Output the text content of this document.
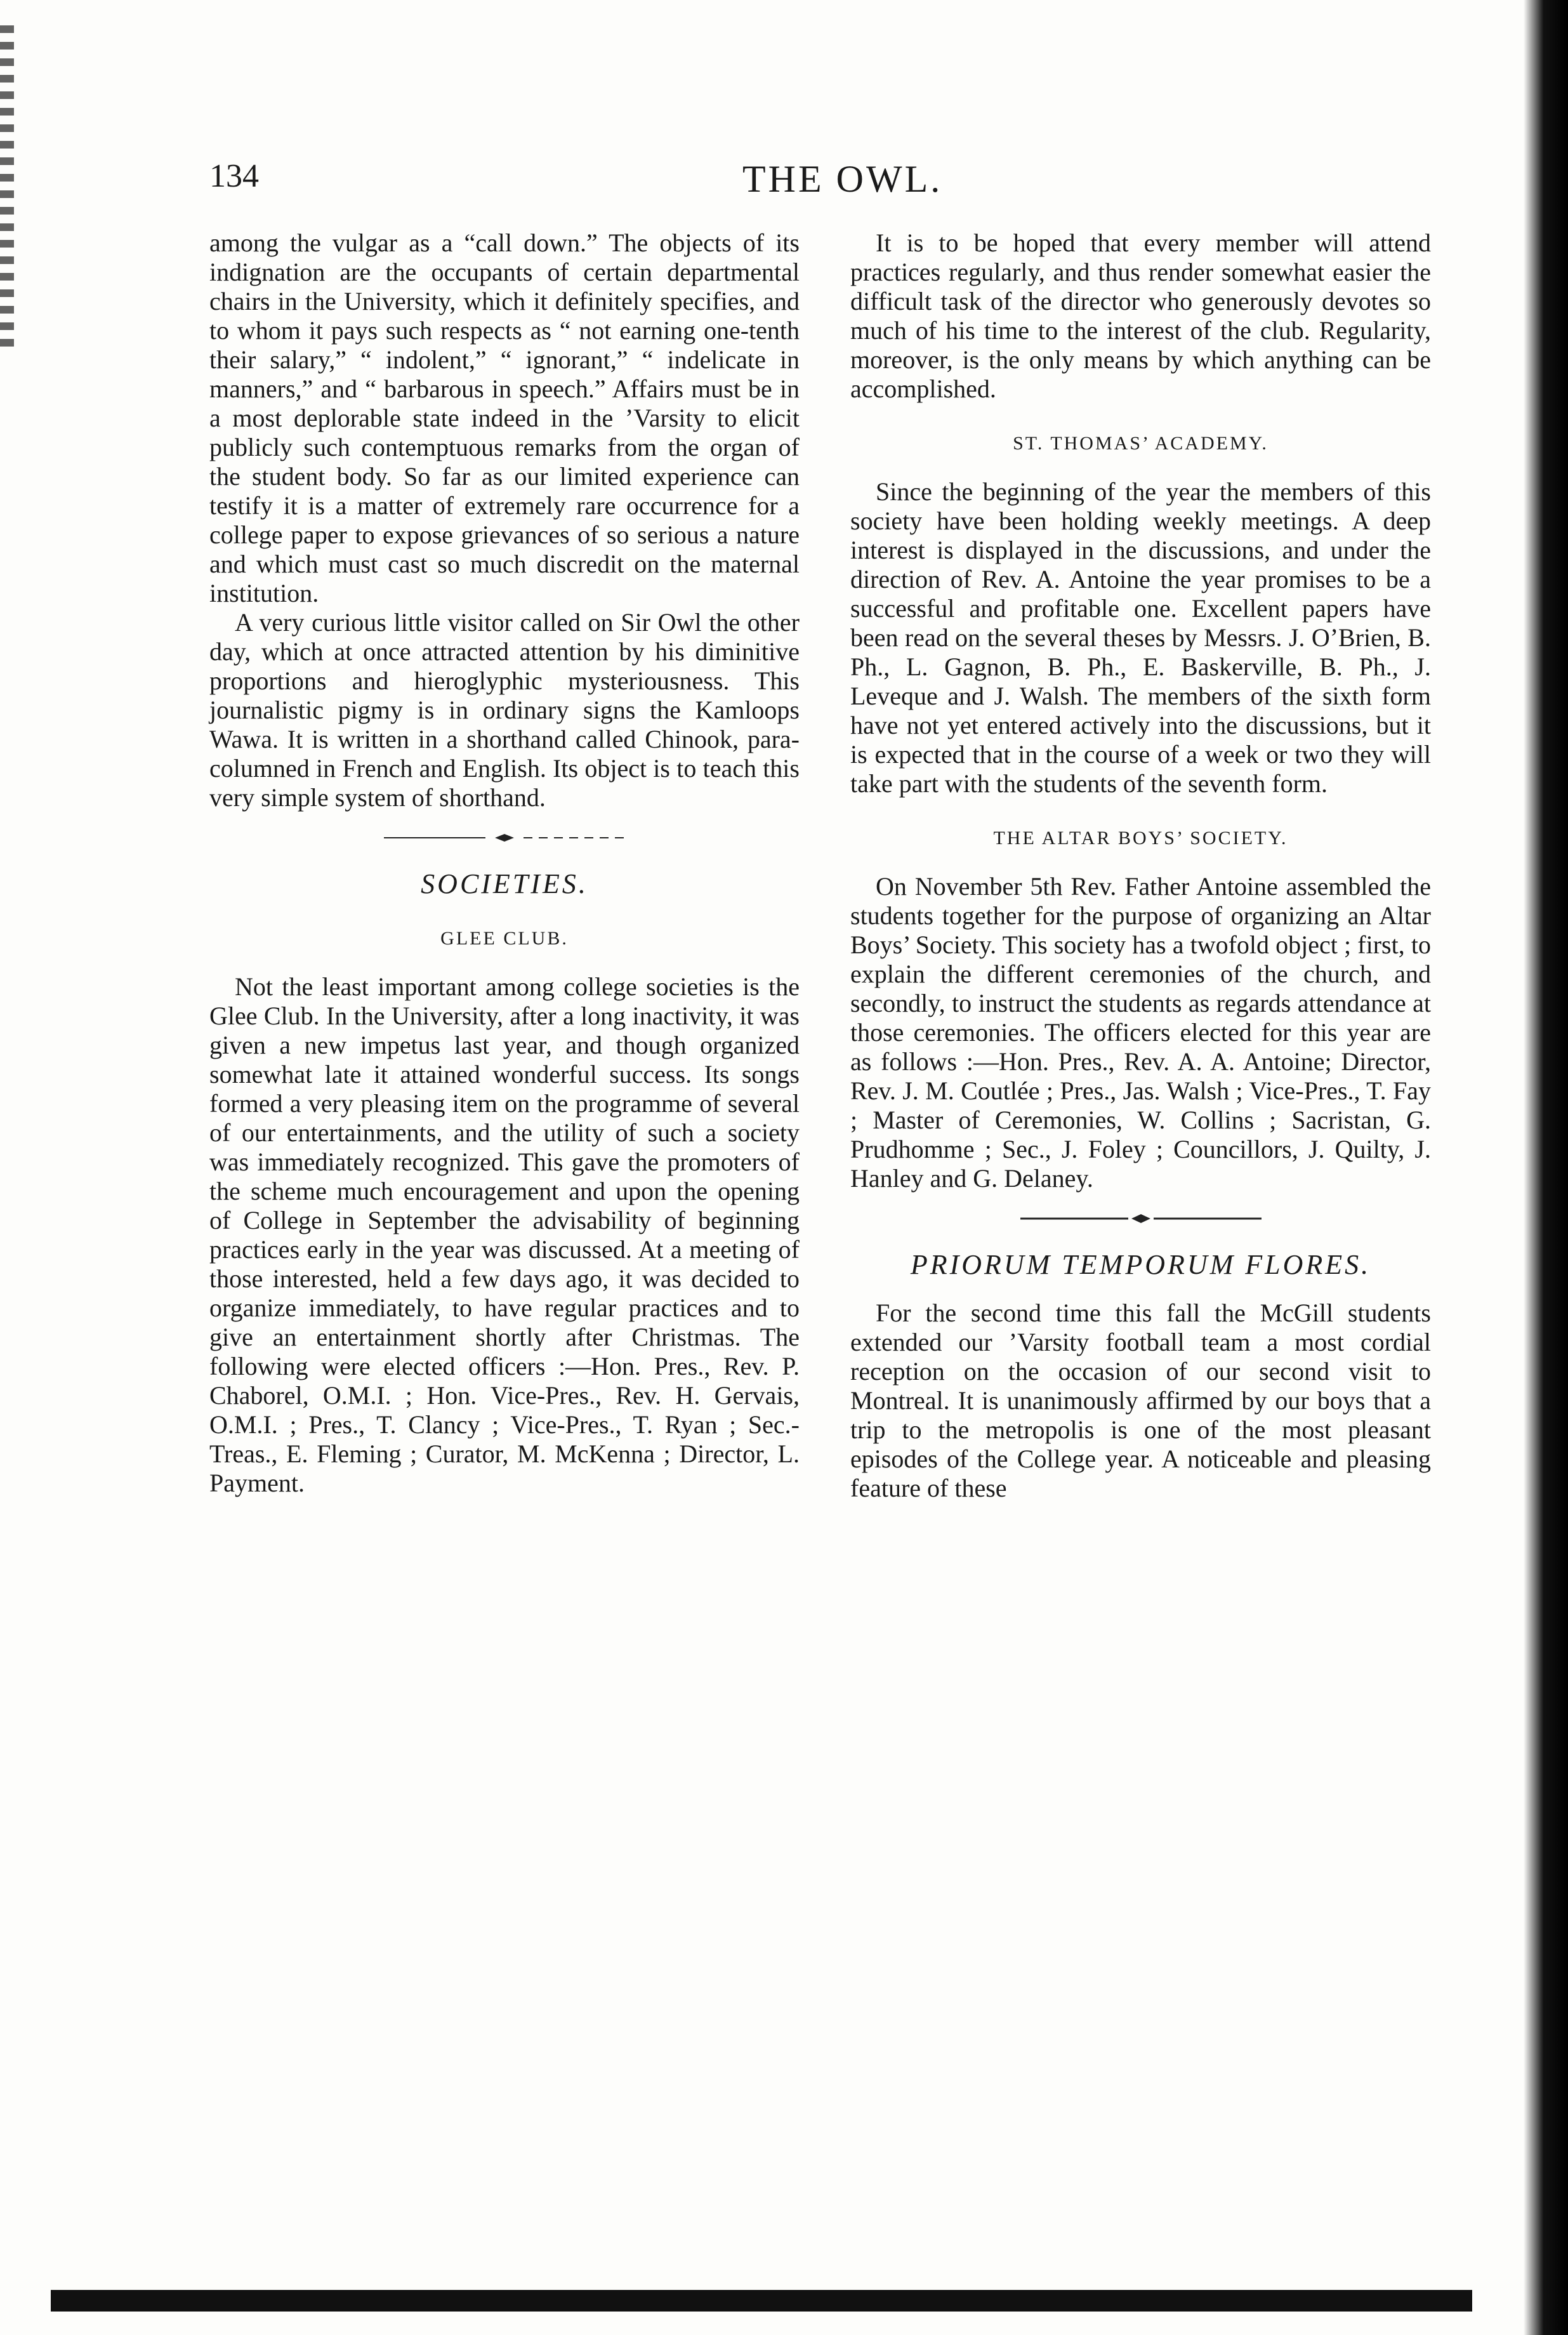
134	THE OWL.

among the vulgar as a “call down.” The objects of its indignation are the occupants of certain departmental chairs in the University, which it definitely specifies, and to whom it pays such respects as “ not earning one-tenth their salary,” “ indolent,” “ ignorant,” “ indelicate in manners,” and “ barbarous in speech.” Affairs must be in a most deplorable state indeed in the ’Varsity to elicit publicly such contemptuous remarks from the organ of the student body. So far as our limited experience can testify it is a matter of extremely rare occurrence for a college paper to expose grievances of so serious a nature and which must cast so much discredit on the maternal institution.

A very curious little visitor called on Sir Owl the other day, which at once attracted attention by his diminitive proportions and hieroglyphic mysteriousness. This journalistic pigmy is in ordinary signs the Kamloops Wawa. It is written in a shorthand called Chinook, para-columned in French and English. Its object is to teach this very simple system of shorthand.

SOCIETIES.
GLEE CLUB.

Not the least important among college societies is the Glee Club. In the University, after a long inactivity, it was given a new impetus last year, and though organized somewhat late it attained wonderful success. Its songs formed a very pleasing item on the programme of several of our entertainments, and the utility of such a society was immediately recognized. This gave the promoters of the scheme much encouragement and upon the opening of College in September the advisability of beginning practices early in the year was discussed. At a meeting of those interested, held a few days ago, it was decided to organize immediately, to have regular practices and to give an entertainment shortly after Christmas. The following were elected officers :—Hon. Pres., Rev. P. Chaborel, O.M.I. ; Hon. Vice-Pres., Rev. H. Gervais, O.M.I. ; Pres., T. Clancy ; Vice-Pres., T. Ryan ; Sec.-Treas., E. Fleming ; Curator, M. McKenna ; Director, L. Payment.

It is to be hoped that every member will attend practices regularly, and thus render somewhat easier the difficult task of the director who generously devotes so much of his time to the interest of the club. Regularity, moreover, is the only means by which anything can be accomplished.

ST. THOMAS’ ACADEMY.

Since the beginning of the year the members of this society have been holding weekly meetings. A deep interest is displayed in the discussions, and under the direction of Rev. A. Antoine the year promises to be a successful and profitable one. Excellent papers have been read on the several theses by Messrs. J. O’Brien, B. Ph., L. Gagnon, B. Ph., E. Baskerville, B. Ph., J. Leveque and J. Walsh. The members of the sixth form have not yet entered actively into the discussions, but it is expected that in the course of a week or two they will take part with the students of the seventh form.

THE ALTAR BOYS’ SOCIETY.

On November 5th Rev. Father Antoine assembled the students together for the purpose of organizing an Altar Boys’ Society. This society has a twofold object ; first, to explain the different ceremonies of the church, and secondly, to instruct the students as regards attendance at those ceremonies. The officers elected for this year are as follows :—Hon. Pres., Rev. A. A. Antoine; Director, Rev. J. M. Coutlée ; Pres., Jas. Walsh ; Vice-Pres., T. Fay ; Master of Ceremonies, W. Collins ; Sacristan, G. Prudhomme ; Sec., J. Foley ; Councillors, J. Quilty, J. Hanley and G. Delaney.

PRIORUM TEMPORUM FLORES.

For the second time this fall the McGill students extended our ’Varsity football team a most cordial reception on the occasion of our second visit to Montreal. It is unanimously affirmed by our boys that a trip to the metropolis is one of the most pleasant episodes of the College year. A noticeable and pleasing feature of these
